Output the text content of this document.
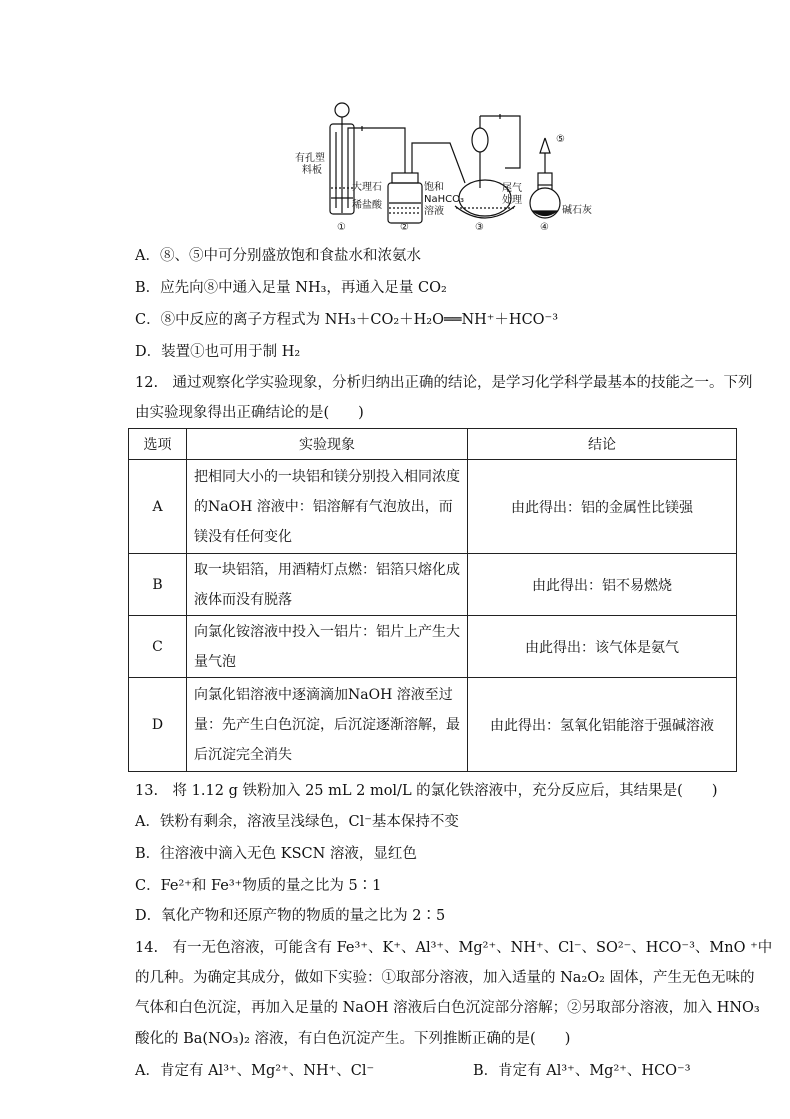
有孔塑
料板
大理石
稀盐酸
饱和
NaHCO₃
溶液
尾气
处理
碱石灰
①	②	③	④
⑤
A．⑧、⑤中可分别盛放饱和食盐水和浓氨水
B．应先向⑧中通入足量 NH₃，再通入足量 CO₂
C．⑧中反应的离子方程式为 NH₃＋CO₂＋H₂O══NH⁺＋HCO⁻³
D．装置①也可用于制 H₂
12.　通过观察化学实验现象，分析归纳出正确的结论，是学习化学科学最基本的技能之一。下列
由实验现象得出正确结论的是(　　)
选项	实验现象	结论
A	把相同大小的一块铝和镁分别投入相同浓度的NaOH 溶液中：铝溶解有气泡放出，而镁没有任何变化	由此得出：铝的金属性比镁强
B	取一块铝箔，用酒精灯点燃：铝箔只熔化成液体而没有脱落	由此得出：铝不易燃烧
C	向氯化铵溶液中投入一铝片：铝片上产生大量气泡	由此得出：该气体是氨气
D	向氯化铝溶液中逐滴滴加NaOH 溶液至过量：先产生白色沉淀，后沉淀逐渐溶解，最后沉淀完全消失	由此得出：氢氧化铝能溶于强碱溶液
13.　将 1.12 g 铁粉加入 25 mL 2 mol/L 的氯化铁溶液中，充分反应后，其结果是(　　)
A．铁粉有剩余，溶液呈浅绿色，Cl⁻基本保持不变
B．往溶液中滴入无色 KSCN 溶液，显红色
C．Fe²⁺和 Fe³⁺物质的量之比为 5∶1
D．氧化产物和还原产物的物质的量之比为 2∶5
14.　有一无色溶液，可能含有 Fe³⁺、K⁺、Al³⁺、Mg²⁺、NH⁺、Cl⁻、SO²⁻、HCO⁻³、MnO ⁺中
的几种。为确定其成分，做如下实验：①取部分溶液，加入适量的 Na₂O₂ 固体，产生无色无味的
气体和白色沉淀，再加入足量的 NaOH 溶液后白色沉淀部分溶解；②另取部分溶液，加入 HNO₃
酸化的 Ba(NO₃)₂ 溶液，有白色沉淀产生。下列推断正确的是(　　)
A．肯定有 Al³⁺、Mg²⁺、NH⁺、Cl⁻	B．肯定有 Al³⁺、Mg²⁺、HCO⁻³
